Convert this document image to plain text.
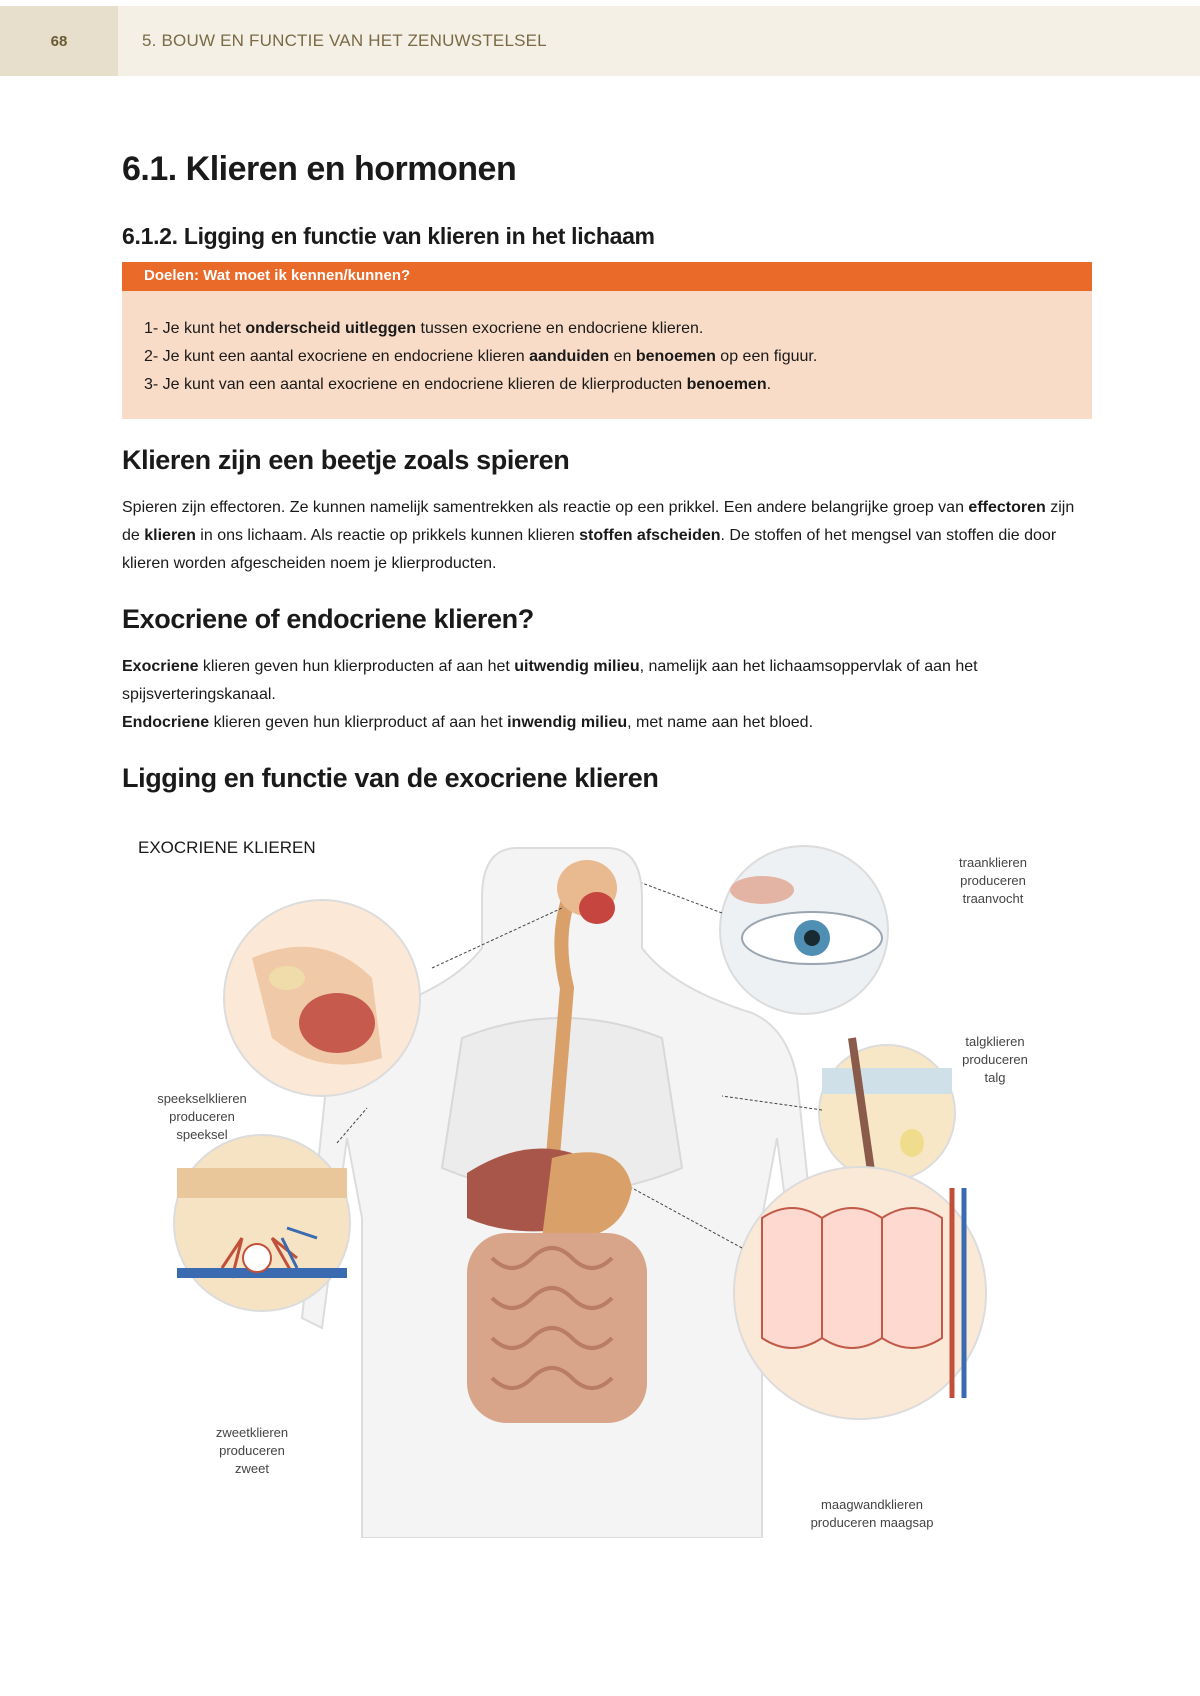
68	5. BOUW EN FUNCTIE VAN HET ZENUWSTELSEL
6.1. Klieren en hormonen
6.1.2. Ligging en functie van klieren in het lichaam
Doelen: Wat moet ik kennen/kunnen?
1- Je kunt het onderscheid uitleggen tussen exocriene en endocriene klieren.
2- Je kunt een aantal exocriene en endocriene klieren aanduiden en benoemen op een figuur.
3- Je kunt van een aantal exocriene en endocriene klieren de klierproducten benoemen.
Klieren zijn een beetje zoals spieren

Spieren zijn effectoren. Ze kunnen namelijk samentrekken als reactie op een prikkel. Een andere belangrijke groep van effectoren zijn de klieren in ons lichaam. Als reactie op prikkels kunnen klieren stoffen afscheiden. De stoffen of het mengsel van stoffen die door klieren worden afgescheiden noem je klierproducten.

Exocriene of endocriene klieren?

Exocriene klieren geven hun klierproducten af aan het uitwendig milieu, namelijk aan het lichaamsoppervlak of aan het spijsverteringskanaal.

Endocriene klieren geven hun klierproduct af aan het inwendig milieu, met name aan het bloed.

Ligging en functie van de exocriene klieren
EXOCRIENE KLIEREN
traanklieren
produceren
traanvocht
talgklieren
produceren
talg
speekselklieren
produceren
speeksel
zweetklieren
produceren
zweet
maagwandklieren
produceren maagsap
